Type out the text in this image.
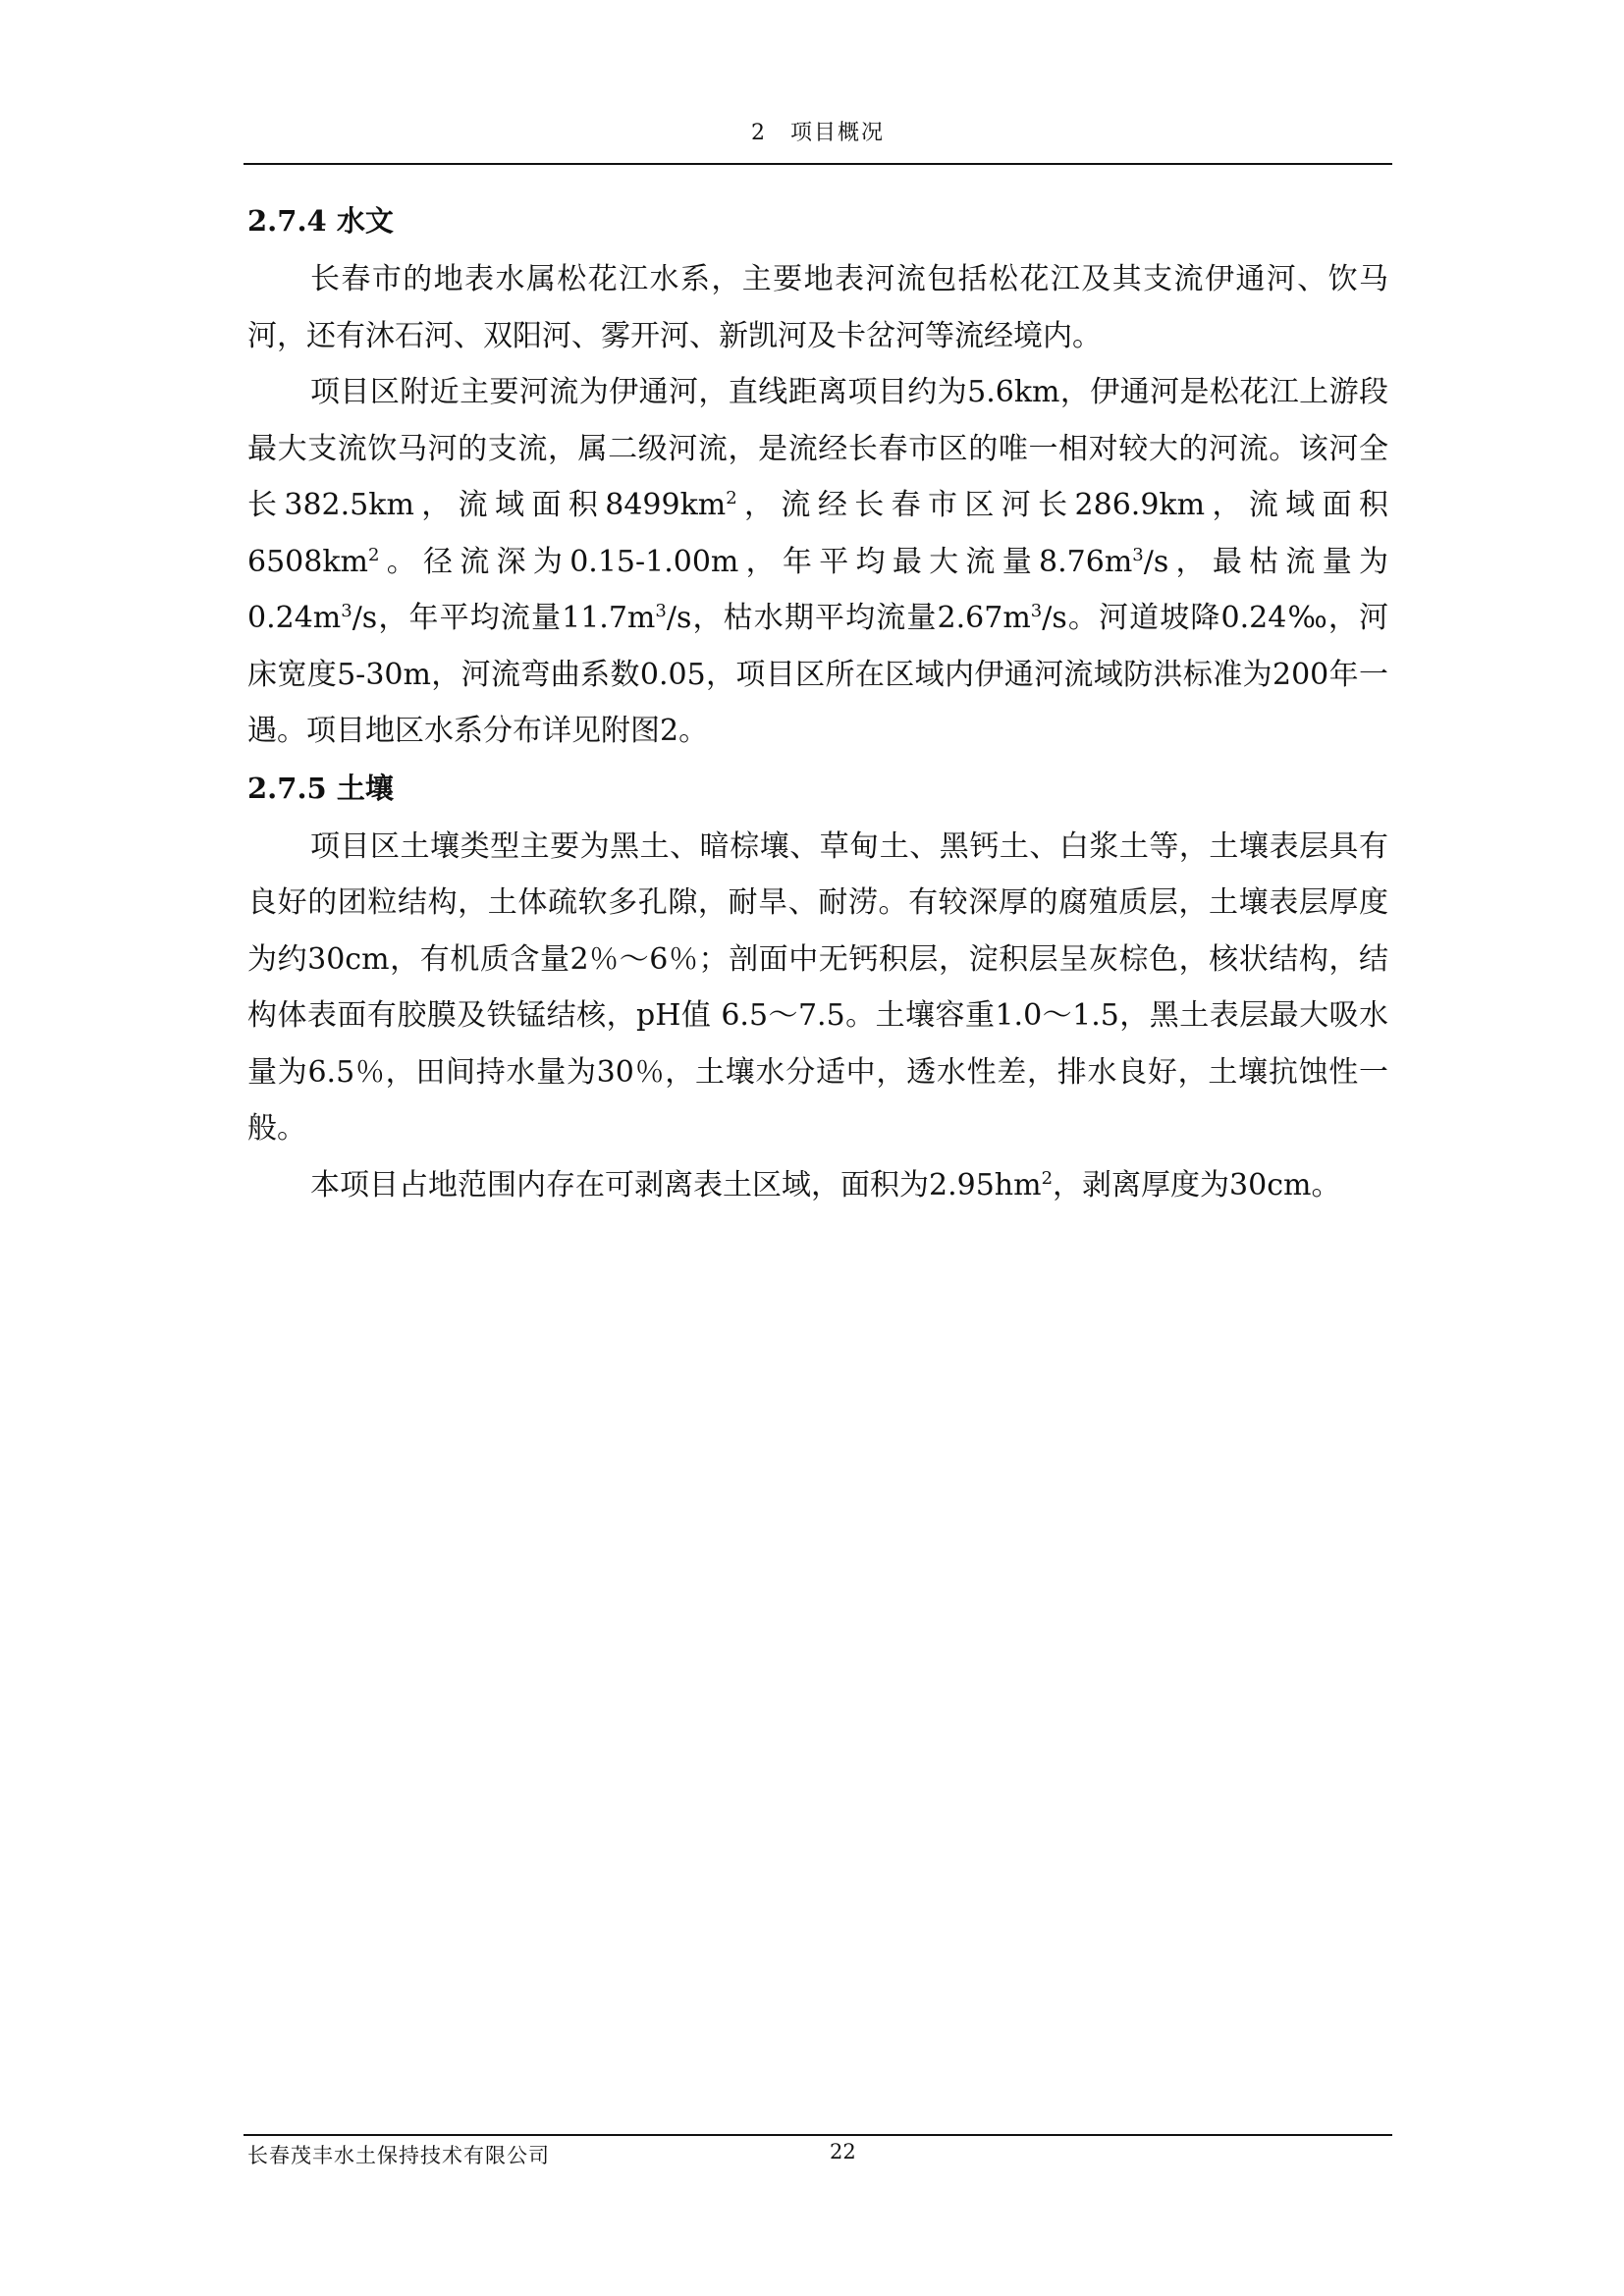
2　项目概况
2.7.4 水文

长春市的地表水属松花江水系，主要地表河流包括松花江及其支流伊通河、饮马河，还有沐石河、双阳河、雾开河、新凯河及卡岔河等流经境内。

项目区附近主要河流为伊通河，直线距离项目约为5.6km，伊通河是松花江上游段最大支流饮马河的支流，属二级河流，是流经长春市区的唯一相对较大的河流。该河全长382.5km，流域面积$8499km^2$，流经长春市区河长286.9km，流域面积$6508km^2$。径流深为0.15-1.00m，年平均最大流量$8.76m^3/s$，最枯流量为$0.24m^3/s$，年平均流量$11.7m^3/s$，枯水期平均流量$2.67m^3/s$。河道坡降0.24‰，河床宽度5-30m，河流弯曲系数0.05，项目区所在区域内伊通河流域防洪标准为200年一遇。项目地区水系分布详见附图2。

2.7.5 土壤

项目区土壤类型主要为黑土、暗棕壤、草甸土、黑钙土、白浆土等，土壤表层具有良好的团粒结构，土体疏软多孔隙，耐旱、耐涝。有较深厚的腐殖质层，土壤表层厚度为约30cm，有机质含量2％～6％；剖面中无钙积层，淀积层呈灰棕色，核状结构，结构体表面有胶膜及铁锰结核，pH值 6.5～7.5。土壤容重1.0～1.5，黑土表层最大吸水量为6.5％，田间持水量为30％，土壤水分适中，透水性差，排水良好，土壤抗蚀性一般。

本项目占地范围内存在可剥离表土区域，面积为$2.95hm^2$，剥离厚度为30cm。

长春茂丰水土保持技术有限公司	22
